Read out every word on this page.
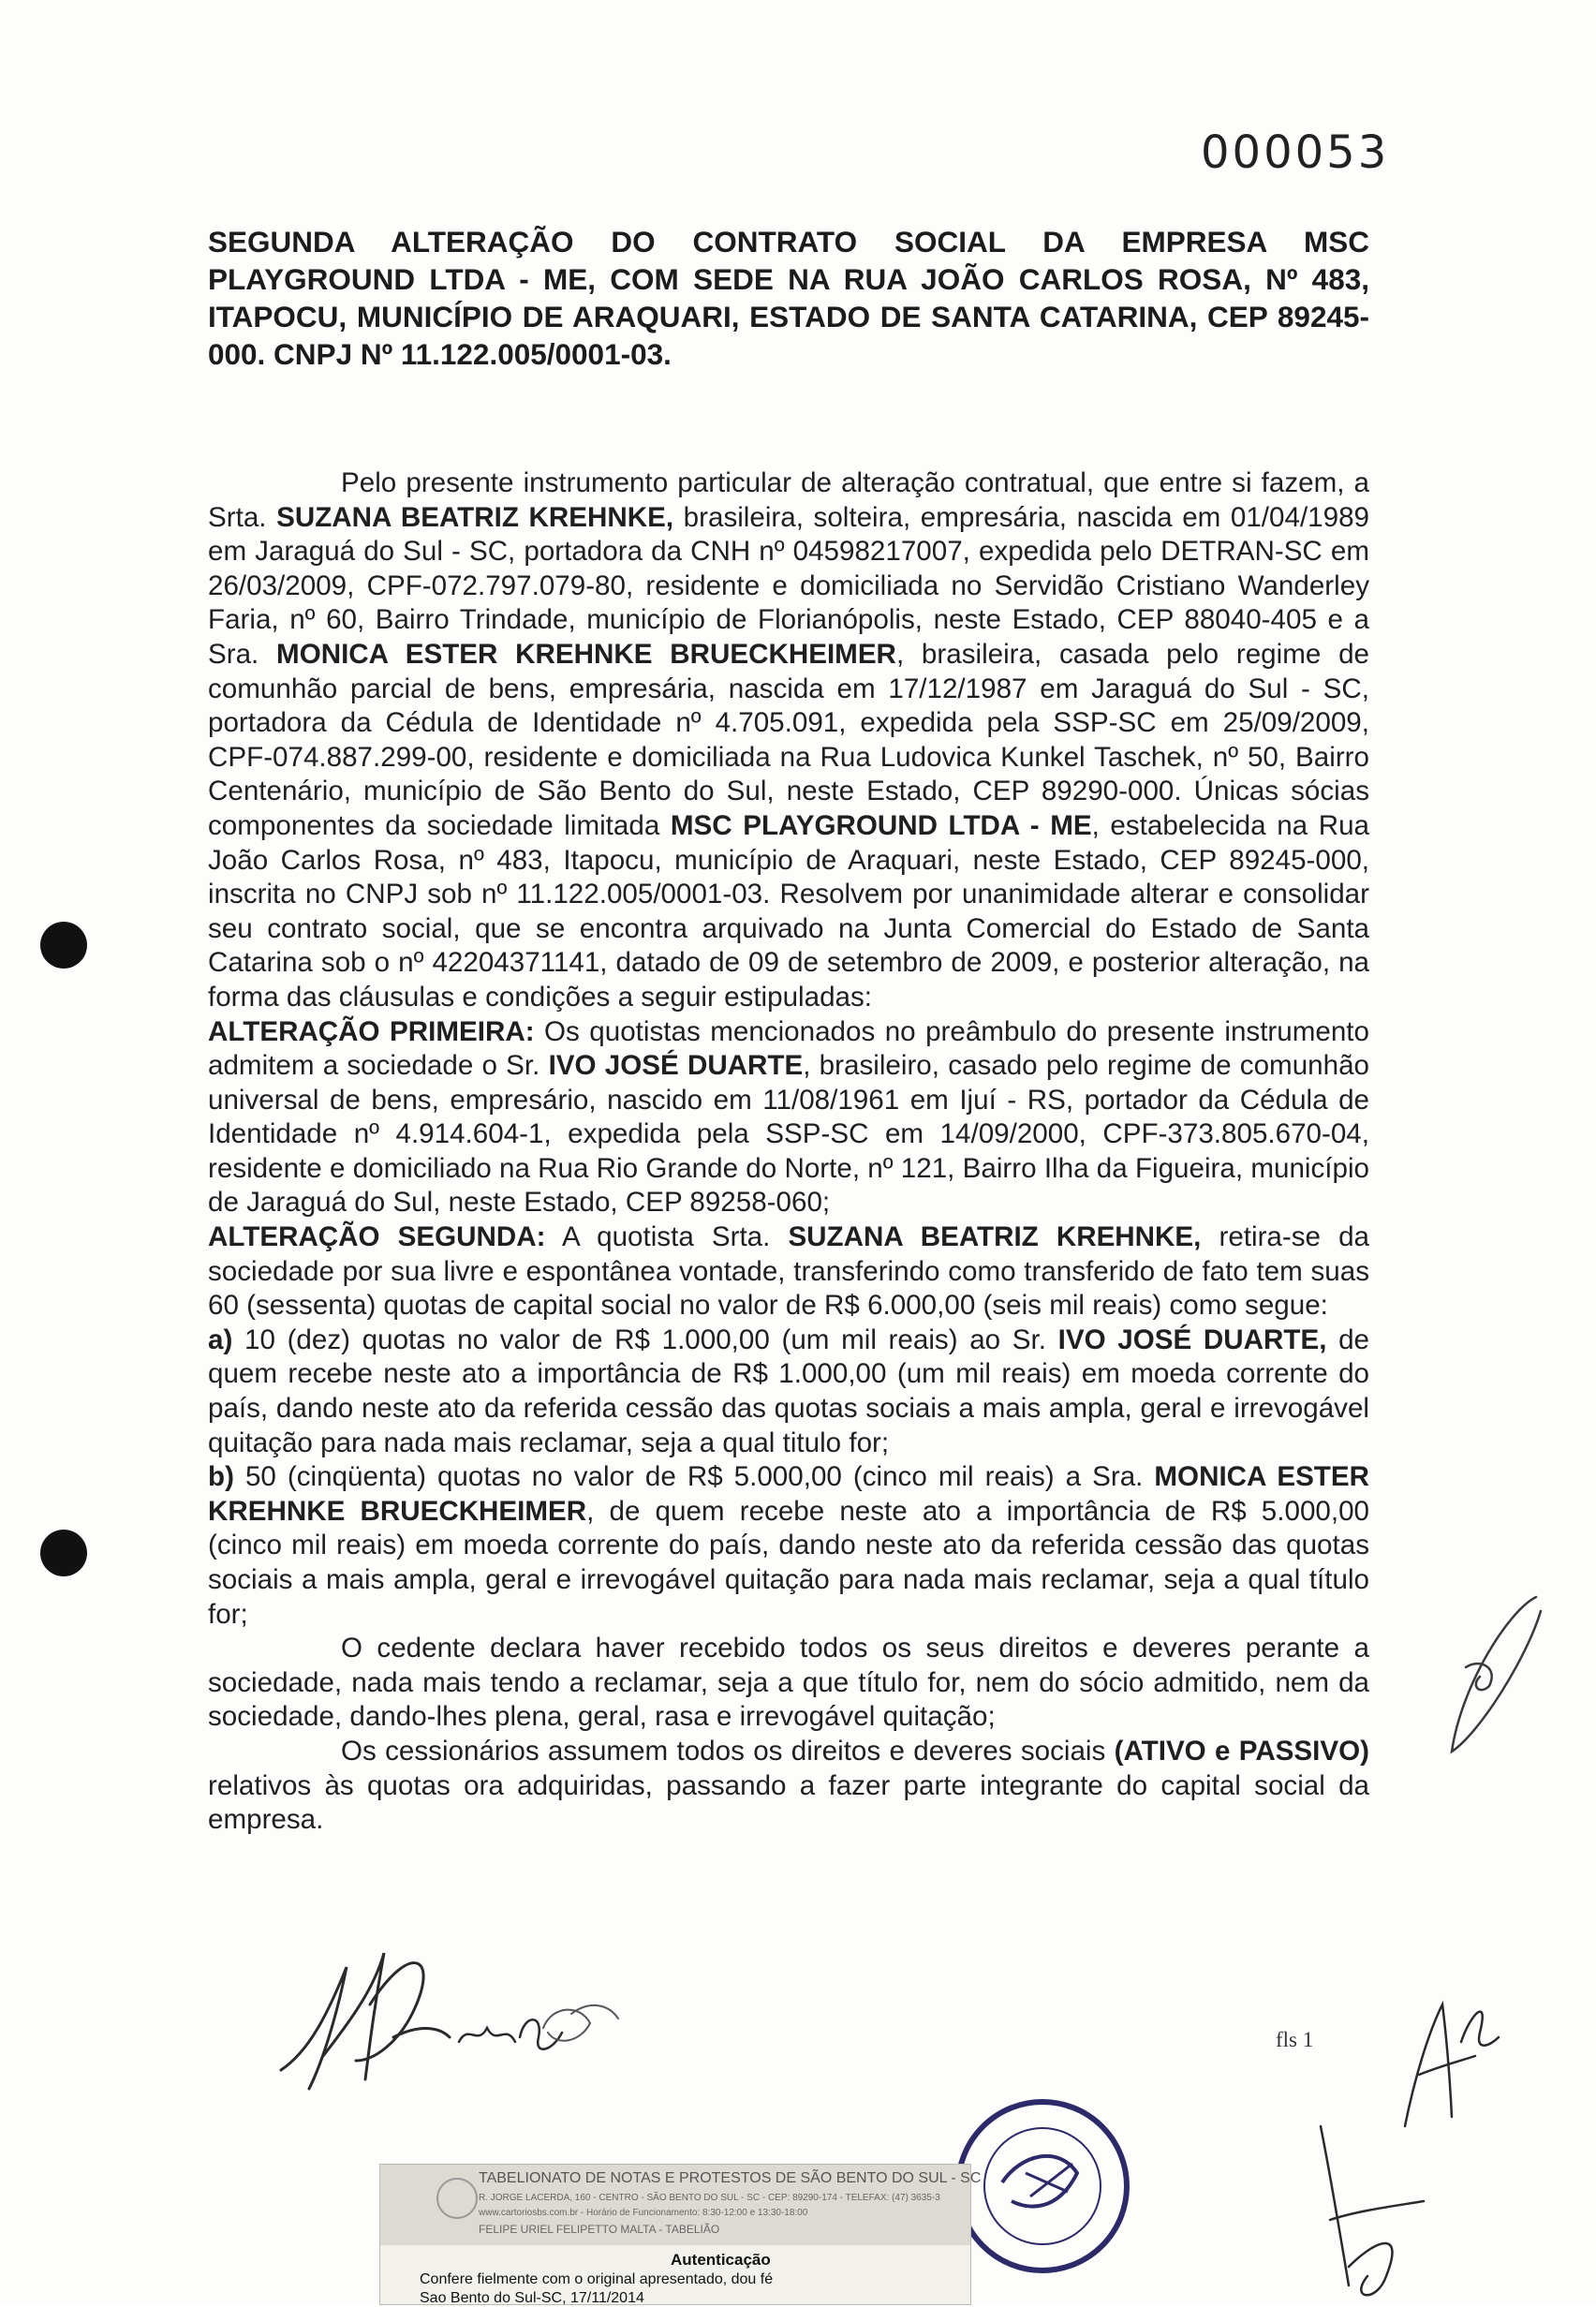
000053
SEGUNDA ALTERAÇÃO DO CONTRATO SOCIAL DA EMPRESA MSC PLAYGROUND LTDA - ME, COM SEDE NA RUA JOÃO CARLOS ROSA, Nº 483, ITAPOCU, MUNICÍPIO DE ARAQUARI, ESTADO DE SANTA CATARINA, CEP 89245-000. CNPJ Nº 11.122.005/0001-03.

Pelo presente instrumento particular de alteração contratual, que entre si fazem, a Srta. SUZANA BEATRIZ KREHNKE, brasileira, solteira, empresária, nascida em 01/04/1989 em Jaraguá do Sul - SC, portadora da CNH nº 04598217007, expedida pelo DETRAN-SC em 26/03/2009, CPF-072.797.079-80, residente e domiciliada no Servidão Cristiano Wanderley Faria, nº 60, Bairro Trindade, município de Florianópolis, neste Estado, CEP 88040-405 e a Sra. MONICA ESTER KREHNKE BRUECKHEIMER, brasileira, casada pelo regime de comunhão parcial de bens, empresária, nascida em 17/12/1987 em Jaraguá do Sul - SC, portadora da Cédula de Identidade nº 4.705.091, expedida pela SSP-SC em 25/09/2009, CPF-074.887.299-00, residente e domiciliada na Rua Ludovica Kunkel Taschek, nº 50, Bairro Centenário, município de São Bento do Sul, neste Estado, CEP 89290-000. Únicas sócias componentes da sociedade limitada MSC PLAYGROUND LTDA - ME, estabelecida na Rua João Carlos Rosa, nº 483, Itapocu, município de Araquari, neste Estado, CEP 89245-000, inscrita no CNPJ sob nº 11.122.005/0001-03. Resolvem por unanimidade alterar e consolidar seu contrato social, que se encontra arquivado na Junta Comercial do Estado de Santa Catarina sob o nº 42204371141, datado de 09 de setembro de 2009, e posterior alteração, na forma das cláusulas e condições a seguir estipuladas:

ALTERAÇÃO PRIMEIRA: Os quotistas mencionados no preâmbulo do presente instrumento admitem a sociedade o Sr. IVO JOSÉ DUARTE, brasileiro, casado pelo regime de comunhão universal de bens, empresário, nascido em 11/08/1961 em Ijuí - RS, portador da Cédula de Identidade nº 4.914.604-1, expedida pela SSP-SC em 14/09/2000, CPF-373.805.670-04, residente e domiciliado na Rua Rio Grande do Norte, nº 121, Bairro Ilha da Figueira, município de Jaraguá do Sul, neste Estado, CEP 89258-060;

ALTERAÇÃO SEGUNDA: A quotista Srta. SUZANA BEATRIZ KREHNKE, retira-se da sociedade por sua livre e espontânea vontade, transferindo como transferido de fato tem suas 60 (sessenta) quotas de capital social no valor de R$ 6.000,00 (seis mil reais) como segue:

a) 10 (dez) quotas no valor de R$ 1.000,00 (um mil reais) ao Sr. IVO JOSÉ DUARTE, de quem recebe neste ato a importância de R$ 1.000,00 (um mil reais) em moeda corrente do país, dando neste ato da referida cessão das quotas sociais a mais ampla, geral e irrevogável quitação para nada mais reclamar, seja a qual titulo for;

b) 50 (cinqüenta) quotas no valor de R$ 5.000,00 (cinco mil reais) a Sra. MONICA ESTER KREHNKE BRUECKHEIMER, de quem recebe neste ato a importância de R$ 5.000,00 (cinco mil reais) em moeda corrente do país, dando neste ato da referida cessão das quotas sociais a mais ampla, geral e irrevogável quitação para nada mais reclamar, seja a qual título for;

O cedente declara haver recebido todos os seus direitos e deveres perante a sociedade, nada mais tendo a reclamar, seja a que título for, nem do sócio admitido, nem da sociedade, dando-lhes plena, geral, rasa e irrevogável quitação;

Os cessionários assumem todos os direitos e deveres sociais (ATIVO e PASSIVO) relativos às quotas ora adquiridas, passando a fazer parte integrante do capital social da empresa.

fls 1
TABELIONATO DE NOTAS E PROTESTOS DE SÃO BENTO DO SUL - SC
R. JORGE LACERDA, 160 - CENTRO - SÃO BENTO DO SUL - SC - CEP: 89290-174 - TELEFAX: (47) 3635-3
www.cartoriosbs.com.br - Horário de Funcionamento: 8:30-12:00 e 13:30-18:00
FELIPE URIEL FELIPETTO MALTA - TABELIÃO
Autenticação
Confere fielmente com o original apresentado, dou fé
Sao Bento do Sul-SC, 17/11/2014
